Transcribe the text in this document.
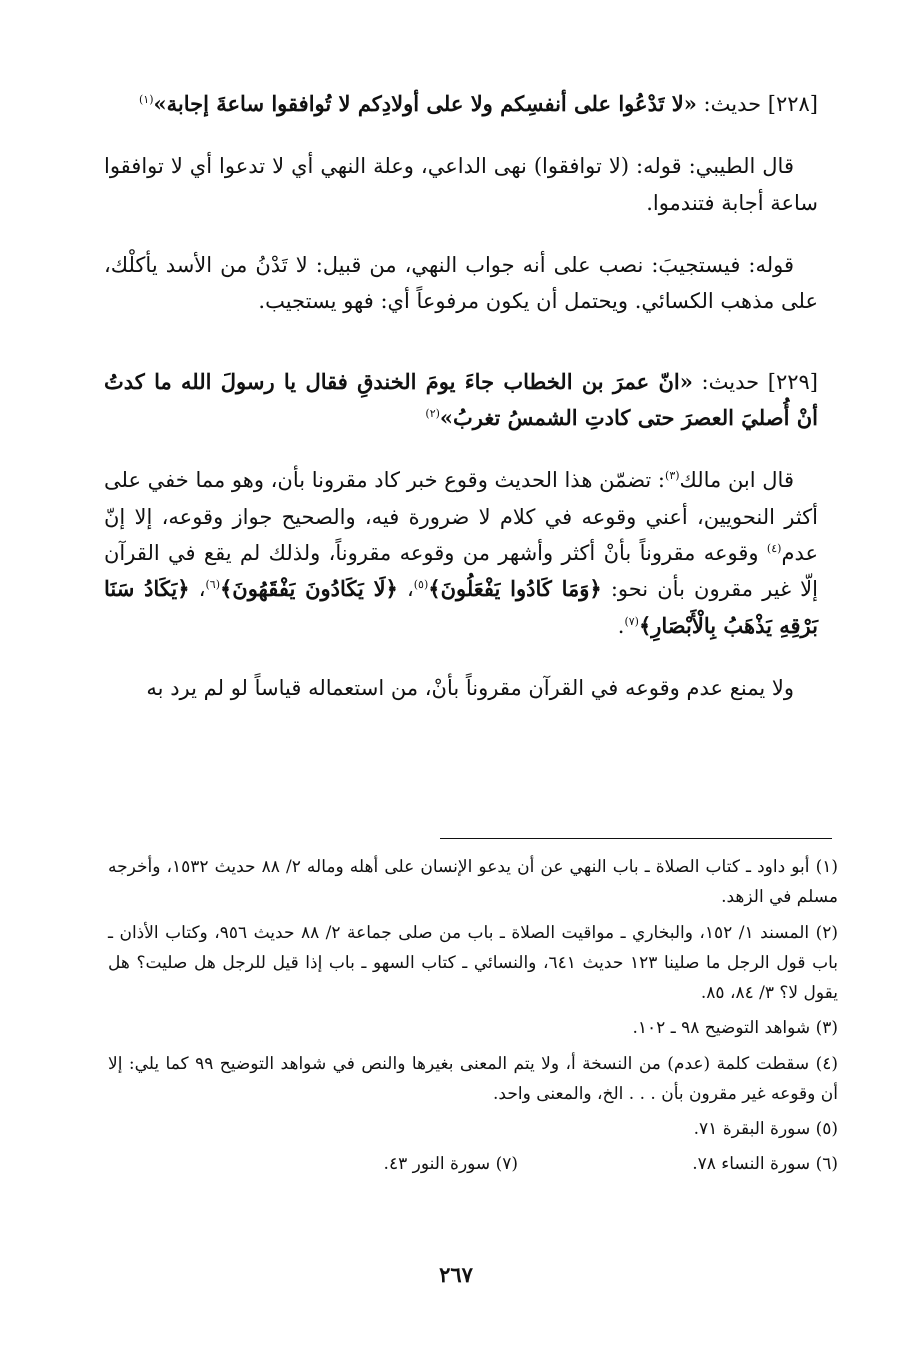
[٢٢٨] حديث: «لا تَدْعُوا على أنفسِكم ولا على أولادِكم لا تُوافقوا ساعةَ إجابة»$^{(١)}$

قال الطيبي: قوله: (لا توافقوا) نهى الداعي، وعلة النهي أي لا تدعوا أي لا توافقوا ساعة أجابة فتندموا.

قوله: فيستجيبَ: نصب على أنه جواب النهي، من قبيل: لا تَدْنُ من الأسد يأكلْك، على مذهب الكسائي. ويحتمل أن يكون مرفوعاً أي: فهو يستجيب.

[٢٢٩] حديث: «انّ عمرَ بن الخطاب جاءَ يومَ الخندقِ فقال يا رسولَ الله ما كدتُ أنْ أُصليَ العصرَ حتى كادتِ الشمسُ تغربُ»$^{(٢)}$

قال ابن مالك$^{(٣)}$: تضمّن هذا الحديث وقوع خبر كاد مقرونا بأن، وهو مما خفي على أكثر النحويين، أعني وقوعه في كلام لا ضرورة فيه، والصحيح جواز وقوعه، إلا إنّ عدم$^{(٤)}$ وقوعه مقروناً بأنْ أكثر وأشهر من وقوعه مقروناً، ولذلك لم يقع في القرآن إلّا غير مقرون بأن نحو: ﴿وَمَا كَادُوا يَفْعَلُونَ﴾$^{(٥)}$، ﴿لَا يَكَادُونَ يَفْقَهُونَ﴾$^{(٦)}$، ﴿يَكَادُ سَنَا بَرْقِهِ يَذْهَبُ بِالْأَبْصَارِ﴾$^{(٧)}$.

ولا يمنع عدم وقوعه في القرآن مقروناً بأنْ، من استعماله قياساً لو لم يرد به

(١) أبو داود ـ كتاب الصلاة ـ باب النهي عن أن يدعو الإنسان على أهله وماله ٢/ ٨٨ حديث ١٥٣٢، وأخرجه مسلم في الزهد.

(٢) المسند ١/ ١٥٢، والبخاري ـ مواقيت الصلاة ـ باب من صلى جماعة ٢/ ٨٨ حديث ٩٥٦، وكتاب الأذان ـ باب قول الرجل ما صلينا ١٢٣ حديث ٦٤١، والنسائي ـ كتاب السهو ـ باب إذا قيل للرجل هل صليت؟ هل يقول لا؟ ٣/ ٨٤، ٨٥.

(٣) شواهد التوضيح ٩٨ ـ ١٠٢.

(٤) سقطت كلمة (عدم) من النسخة أ، ولا يتم المعنى بغيرها والنص في شواهد التوضيح ٩٩ كما يلي: إلا أن وقوعه غير مقرون بأن . . . الخ، والمعنى واحد.

(٥) سورة البقرة ٧١.

(٦) سورة النساء ٧٨.

(٧) سورة النور ٤٣.

٢٦٧
